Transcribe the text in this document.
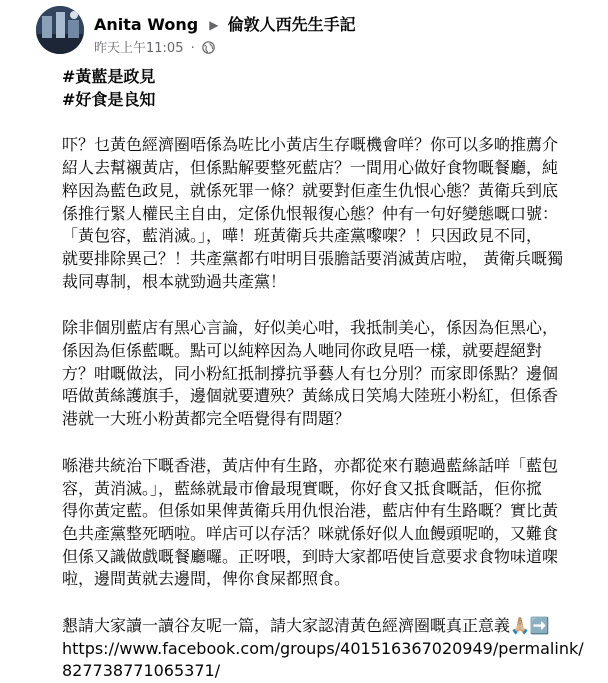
Anita Wong ▶ 倫敦人西先生手記
昨天上午11:05 ·

#黃藍是政見

#好食是良知

吓？乜黃色經濟圈唔係為咗比小黃店生存嘅機會咩？你可以多啲推薦介
紹人去幫襯黃店，但係點解要整死藍店？一間用心做好食物嘅餐廳，純
粹因為藍色政見，就係死罪一條？就要對佢產生仇恨心態？黃衛兵到底
係推行緊人權民主自由，定係仇恨報復心態？仲有一句好變態嘅口號：
「黃包容，藍消滅。」，嘩！班黃衛兵共產黨嚟㗎？！只因政見不同，
就要排除異己？！共產黨都冇咁明目張膽話要消滅黃店啦， 黃衛兵嘅獨
裁同專制，根本就勁過共產黨！

除非個別藍店有黑心言論，好似美心咁，我抵制美心，係因為佢黑心，
係因為佢係藍嘅。點可以純粹因為人哋同你政見唔一樣，就要趕絕對
方？咁嘅做法，同小粉紅抵制撐抗爭藝人有乜分別？而家即係點？邊個
唔做黃絲護旗手，邊個就要遭殃？黃絲成日笑鳩大陸班小粉紅，但係香
港就一大班小粉黃都完全唔覺得有問題？

喺港共統治下嘅香港，黃店仲有生路，亦都從來冇聽過藍絲話咩「藍包
容，黃消滅。」，藍絲就最市儈最現實嘅，你好食又抵食嘅話，佢你搲
得你黃定藍。但係如果俾黃衛兵用仇恨治港，藍店仲有生路嘅？實比黃
色共產黨整死晒啦。咩店可以存活？咪就係好似人血饅頭呢啲，又難食
但係又識做戲嘅餐廳囉。正呀喂，到時大家都唔使旨意要求食物味道㗎
啦，邊間黃就去邊間，俾你食屎都照食。

懇請大家讀一讀谷友呢一篇，請大家認清黃色經濟圈嘅真正意義🙏🏼➡️

https://www.facebook.com/groups/401516367020949/permalink/
827738771065371/
